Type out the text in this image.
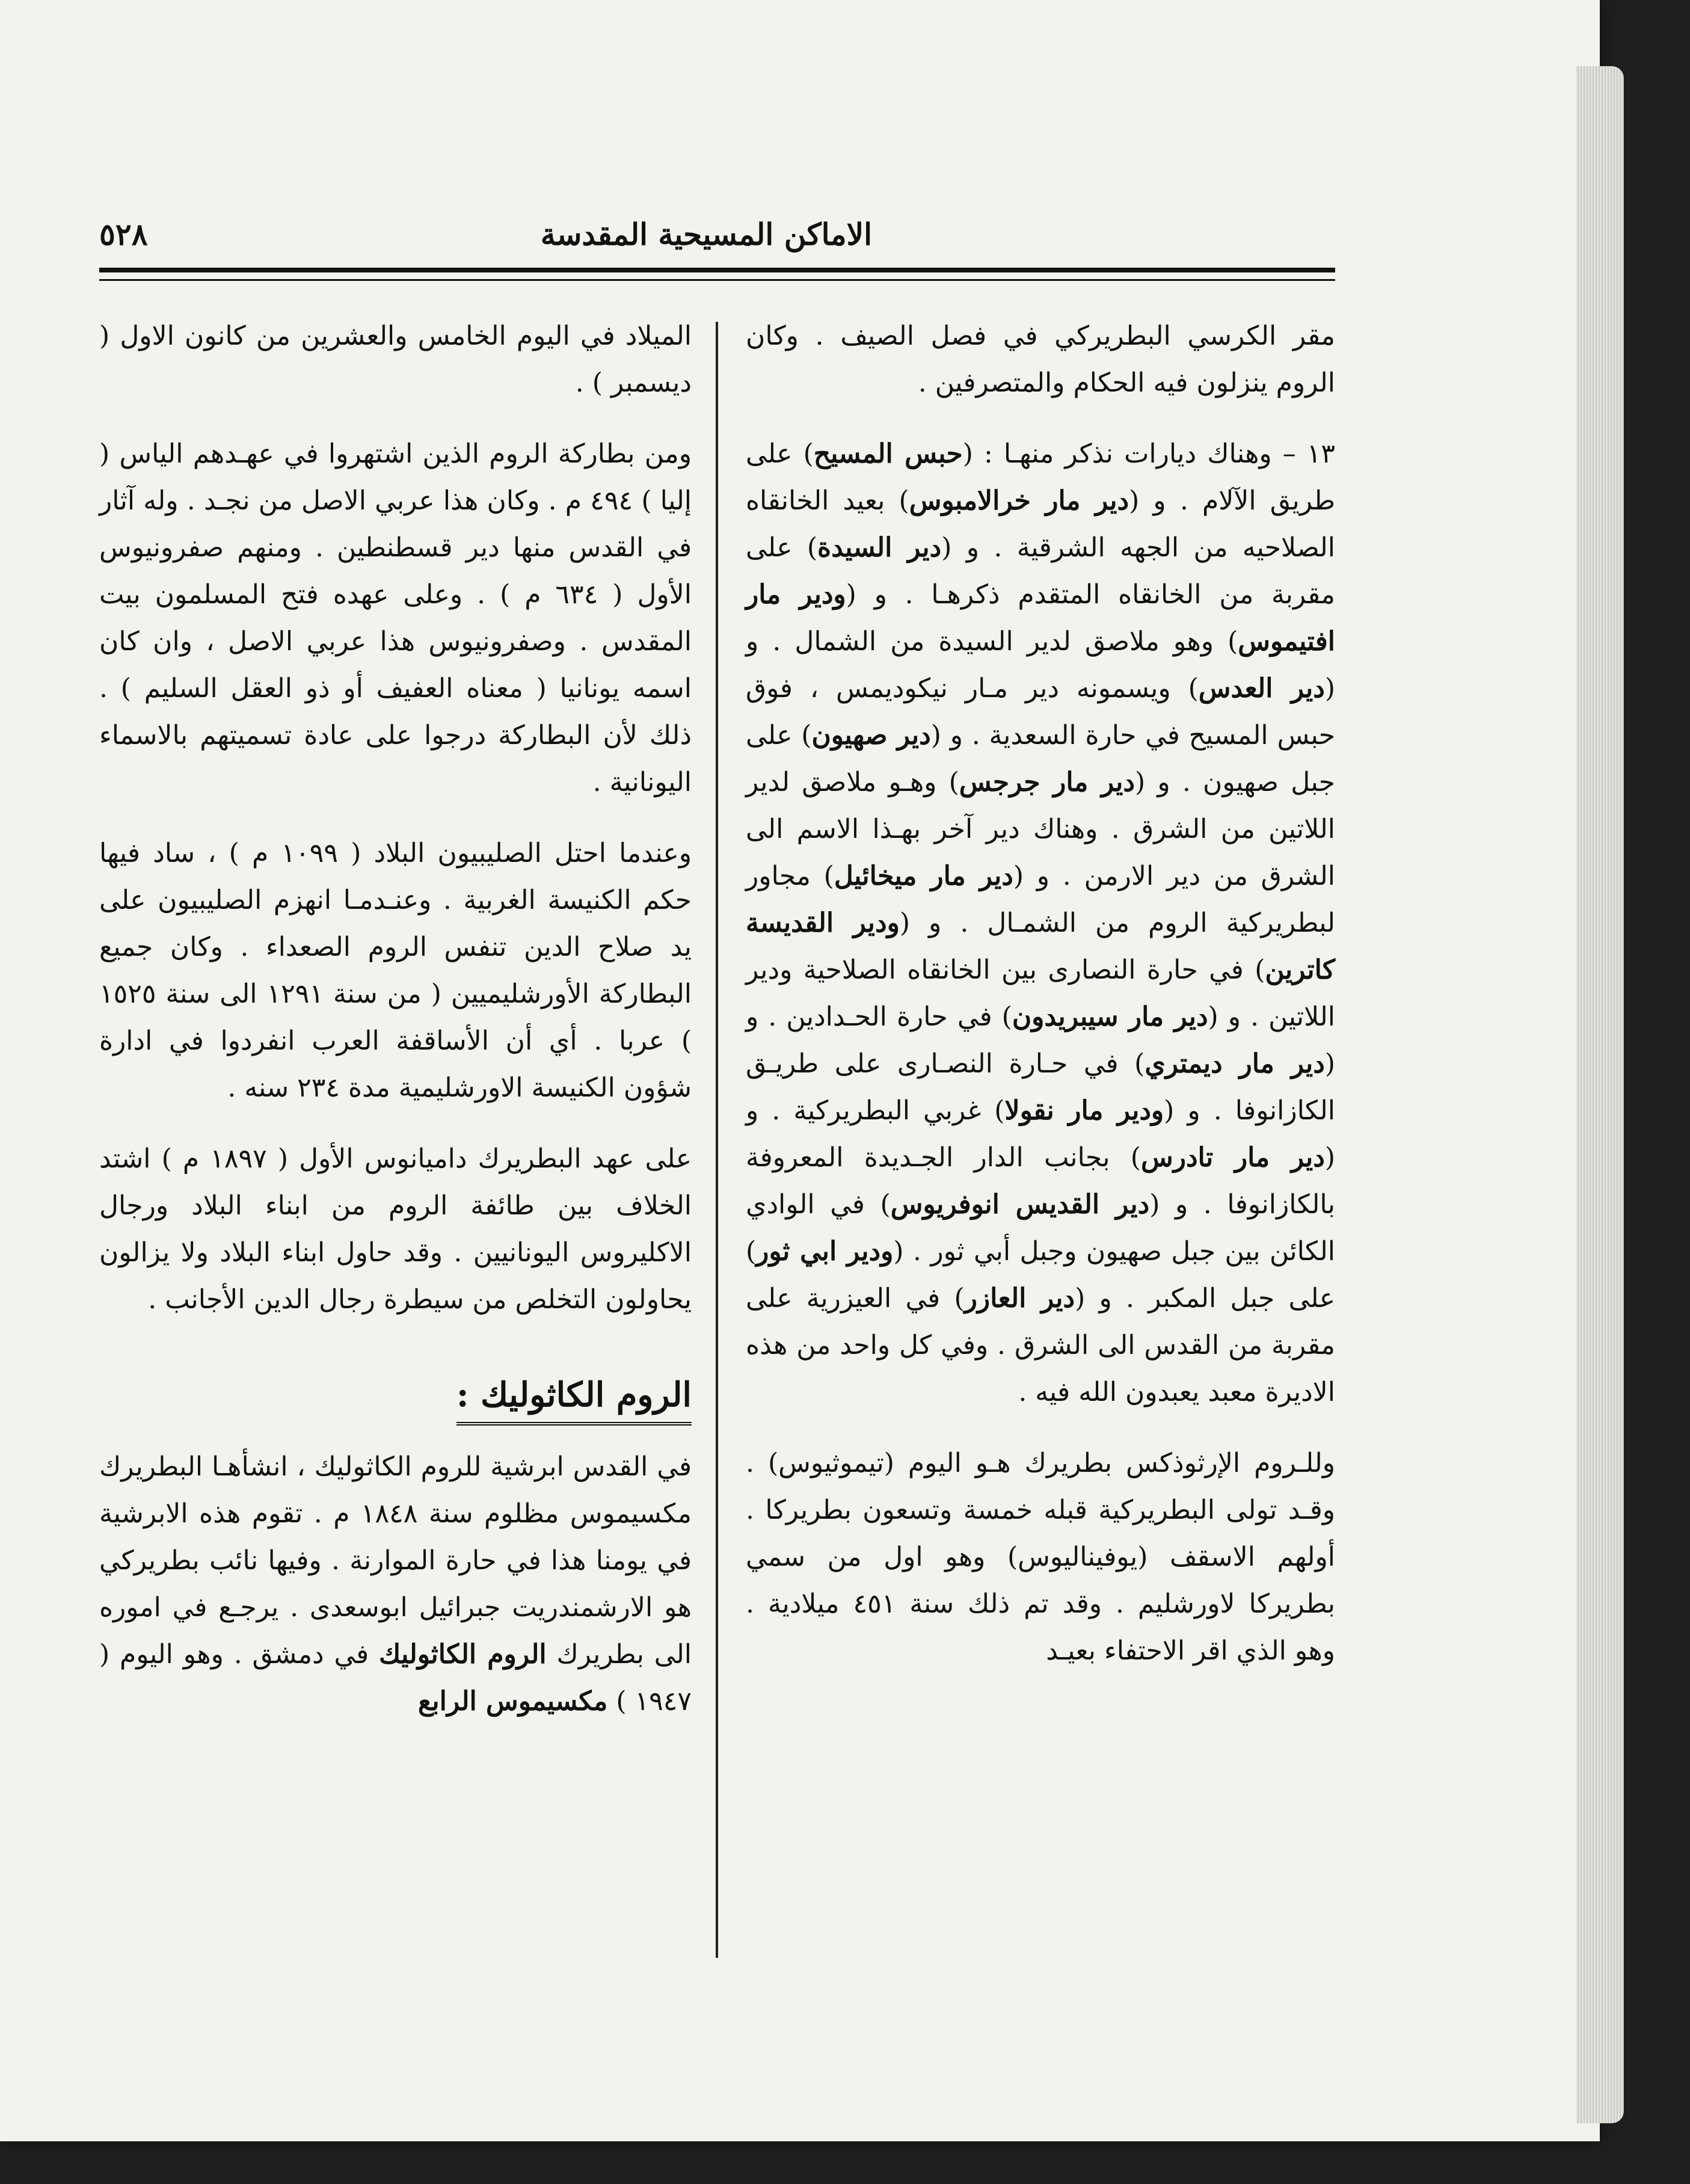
الاماكن المسيحية المقدسة
٥٢٨

مقر الكرسي البطريركي في فصل الصيف . وكان الروم ينزلون فيه الحكام والمتصرفين .

١٣ – وهناك ديارات نذكر منهـا : (حبس المسيح) على طريق الآلام . و (دير مار خرالامبوس) بعيد الخانقاه الصلاحيه من الجهه الشرقية . و (دير السيدة) على مقربة من الخانقاه المتقدم ذكرهـا . و (ودير مار افتيموس) وهو ملاصق لدير السيدة من الشمال . و (دير العدس) ويسمونه دير مـار نيكوديمس ، فوق حبس المسيح في حارة السعدية . و (دير صهيون) على جبل صهيون . و (دير مار جرجس) وهـو ملاصق لدير اللاتين من الشرق . وهناك دير آخر بهـذا الاسم الى الشرق من دير الارمن . و (دير مار ميخائيل) مجاور لبطريركية الروم من الشمـال . و (ودير القديسة كاترين) في حارة النصارى بين الخانقاه الصلاحية ودير اللاتين . و (دير مار سيبريدون) في حارة الحـدادين . و (دير مار ديمتري) في حـارة النصـارى على طريـق الكازانوفا . و (ودير مار نقولا) غربي البطريركية . و (دير مار تادرس) بجانب الدار الجـديدة المعروفة بالكازانوفا . و (دير القديس انوفريوس) في الوادي الكائن بين جبل صهيون وجبل أبي ثور . (ودير ابي ثور) على جبل المكبر . و (دير العازر) في العيزرية على مقربة من القدس الى الشرق . وفي كل واحد من هذه الاديرة معبد يعبدون الله فيه .

وللـروم الإرثوذكس بطريرك هـو اليوم (تيموثيوس) . وقـد تولى البطريركية قبله خمسة وتسعون بطريركا . أولهم الاسقف (يوفيناليوس) وهو اول من سمي بطريركا لاورشليم . وقد تم ذلك سنة ٤٥١ ميلادية . وهو الذي اقر الاحتفاء بعيـد

الميلاد في اليوم الخامس والعشرين من كانون الاول ( ديسمبر ) .

ومن بطاركة الروم الذين اشتهروا في عهـدهم الياس ( إليا ) ٤٩٤ م . وكان هذا عربي الاصل من نجـد . وله آثار في القدس منها دير قسطنطين . ومنهم صفرونيوس الأول ( ٦٣٤ م ) . وعلى عهده فتح المسلمون بيت المقدس . وصفرونيوس هذا عربي الاصل ، وان كان اسمه يونانيا ( معناه العفيف أو ذو العقل السليم ) . ذلك لأن البطاركة درجوا على عادة تسميتهم بالاسماء اليونانية .

وعندما احتل الصليبيون البلاد ( ١٠٩٩ م ) ، ساد فيها حكم الكنيسة الغربية . وعنـدمـا انهزم الصليبيون على يد صلاح الدين تنفس الروم الصعداء . وكان جميع البطاركة الأورشليميين ( من سنة ١٢٩١ الى سنة ١٥٢٥ ) عربا . أي أن الأساقفة العرب انفردوا في ادارة شؤون الكنيسة الاورشليمية مدة ٢٣٤ سنه .

على عهد البطريرك داميانوس الأول ( ١٨٩٧ م ) اشتد الخلاف بين طائفة الروم من ابناء البلاد ورجال الاكليروس اليونانيين . وقد حاول ابناء البلاد ولا يزالون يحاولون التخلص من سيطرة رجال الدين الأجانب .

الروم الكاثوليك :

في القدس ابرشية للروم الكاثوليك ، انشأهـا البطريرك مكسيموس مظلوم سنة ١٨٤٨ م . تقوم هذه الابرشية في يومنا هذا في حارة الموارنة . وفيها نائب بطريركي هو الارشمندريت جبرائيل ابوسعدى . يرجـع في اموره الى بطريرك الروم الكاثوليك في دمشق . وهو اليوم ( ١٩٤٧ ) مكسيموس الرابع
